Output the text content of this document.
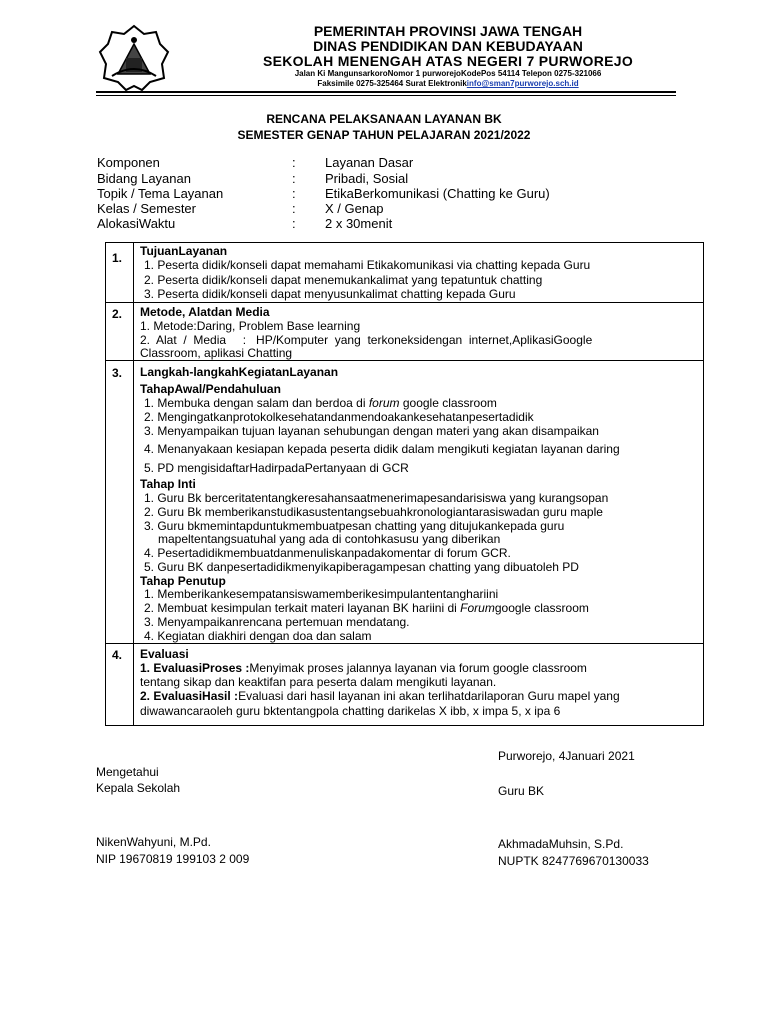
PEMERINTAH PROVINSI JAWA TENGAH
DINAS PENDIDIKAN DAN KEBUDAYAAN
SEKOLAH MENENGAH ATAS NEGERI 7 PURWOREJO
Jalan Ki MangunsarkoroNomor 1 purworejoKodePos 54114 Telepon 0275-321066
Faksimile 0275-325464 Surat Elektronikinfo@sman7purworejo.sch.id
RENCANA PELAKSANAAN LAYANAN BK
SEMESTER GENAP TAHUN PELAJARAN 2021/2022
Komponen	: Layanan Dasar
Bidang Layanan	: Pribadi, Sosial
Topik / Tema Layanan	: EtikaBerkomunikasi (Chatting ke Guru)
Kelas / Semester	: X / Genap
AlokasiWaktu	: 2 x 30menit
1. TujuanLayanan
1. Peserta didik/konseli dapat memahami Etikakomunikasi via chatting kepada Guru
2. Peserta didik/konseli dapat menemukankalimat yang tepatuntuk chatting
3. Peserta didik/konseli dapat menyusunkalimat chatting kepada Guru
2. Metode, Alatdan Media
1. Metode:Daring, Problem Base learning
2.  Alat  /  Media     :   HP/Komputer  yang  terkoneksidengan  internet,AplikasiGoogle
Classroom, aplikasi Chatting
3. Langkah-langkahKegiatanLayanan
TahapAwal/Pendahuluan
1. Membuka dengan salam dan berdoa di forum google classroom
2. Mengingatkanprotokolkesehatandanmendoakankesehatanpesertadidik
3. Menyampaikan tujuan layanan sehubungan dengan materi yang akan disampaikan
4. Menanyakaan kesiapan kepada peserta didik dalam mengikuti kegiatan layanan daring
5. PD mengisidaftarHadirpadaPertanyaan di GCR
Tahap Inti
1. Guru Bk berceritatentangkeresahansaatmenerimapesandarisiswa yang kurangsopan
2. Guru Bk memberikanstudikasustentangsebuahkronologiantarasiswadan guru maple
3. Guru bkmemintapduntukmembuatpesan chatting yang ditujukankepada guru
mapeltentangsuatuhal yang ada di contohkasusu yang diberikan
4. Pesertadidikmembuatdanmenuliskanpadakomentar di forum GCR.
5. Guru BK danpesertadidikmenyikapiberagampesan chatting yang dibuatoleh PD
Tahap Penutup
1. Memberikankesempatansiswamemberikesimpulantentanghariini
2. Membuat kesimpulan terkait materi layanan BK hariini di Forumgoogle classroom
3. Menyampaikanrencana pertemuan mendatang.
4. Kegiatan diakhiri dengan doa dan salam
4. Evaluasi
1. EvaluasiProses :Menyimak proses jalannya layanan via forum google classroom
tentang sikap dan keaktifan para peserta dalam mengikuti layanan.
2. EvaluasiHasil :Evaluasi dari hasil layanan ini akan terlihatdarilaporan Guru mapel yang
diwawancaraoleh guru bktentangpola chatting darikelas X ibb, x impa 5, x ipa 6
Purworejo, 4Januari 2021
Mengetahui
Kepala Sekolah	Guru BK
NikenWahyuni, M.Pd.
NIP 19670819 199103 2 009
AkhmadaMuhsin, S.Pd.
NUPTK 8247769670130033
